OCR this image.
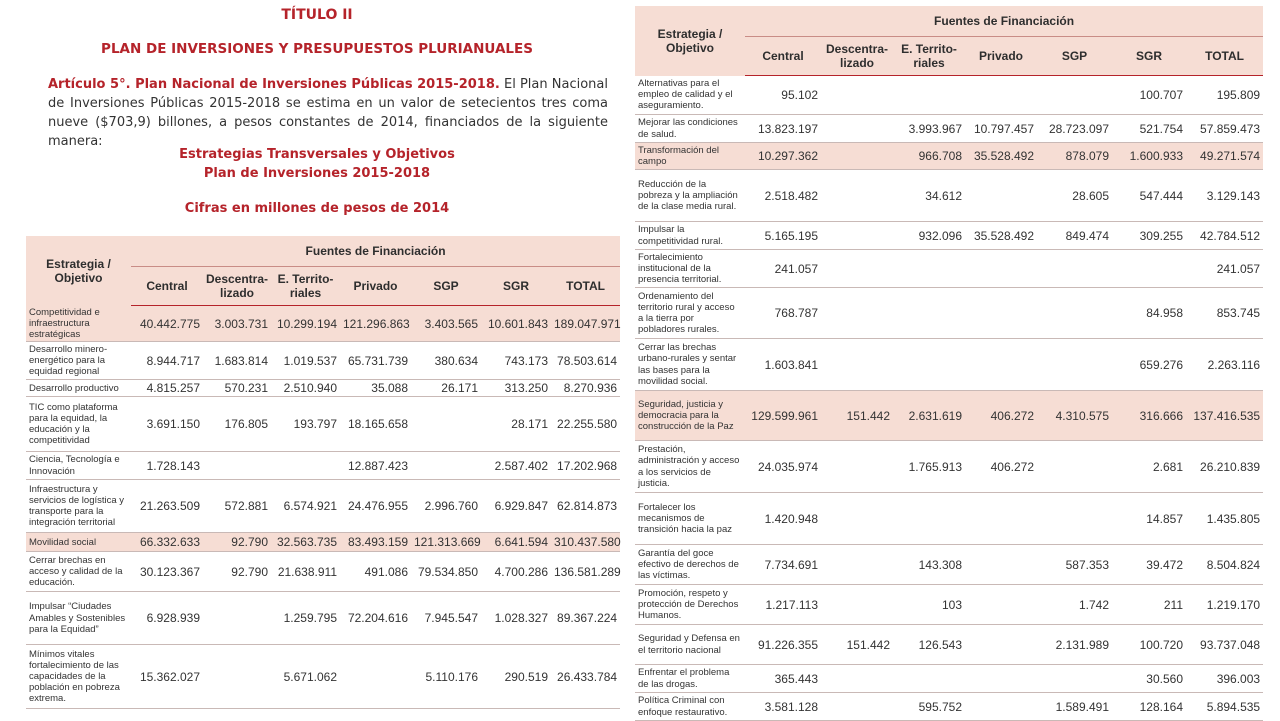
TÍTULO II
PLAN DE INVERSIONES Y PRESUPUESTOS PLURIANUALES
Artículo 5°. Plan Nacional de Inversiones Públicas 2015-2018. El Plan Nacional de Inversiones Públicas 2015-2018 se estima en un valor de setecientos tres coma nueve ($703,9) billones, a pesos constantes de 2014, financiados de la siguiente manera:
Estrategias Transversales y Objetivos
Plan de Inversiones 2015-2018
Cifras en millones de pesos de 2014
Estrategia / Objetivo	Fuentes de Financiación						
	Central	Descentra-lizado	E. Territo-riales	Privado	SGP	SGR	TOTAL
Competitividad e infraestructura estratégicas	40.442.775	3.003.731	10.299.194	121.296.863	3.403.565	10.601.843	189.047.971
Desarrollo minero-energético para la equidad regional	8.944.717	1.683.814	1.019.537	65.731.739	380.634	743.173	78.503.614
Desarrollo productivo	4.815.257	570.231	2.510.940	35.088	26.171	313.250	8.270.936
TIC como plataforma para la equidad, la educación y la competitividad	3.691.150	176.805	193.797	18.165.658		28.171	22.255.580
Ciencia, Tecnología e Innovación	1.728.143			12.887.423		2.587.402	17.202.968
Infraestructura y servicios de logística y transporte para la integración territorial	21.263.509	572.881	6.574.921	24.476.955	2.996.760	6.929.847	62.814.873
Movilidad social	66.332.633	92.790	32.563.735	83.493.159	121.313.669	6.641.594	310.437.580
Cerrar brechas en acceso y calidad de la educación.	30.123.367	92.790	21.638.911	491.086	79.534.850	4.700.286	136.581.289
Impulsar “Ciudades Amables y Sostenibles para la Equidad”	6.928.939		1.259.795	72.204.616	7.945.547	1.028.327	89.367.224
Mínimos vitales fortalecimiento de las capacidades de la población en pobreza extrema.	15.362.027		5.671.062		5.110.176	290.519	26.433.784
Estrategia / Objetivo	Fuentes de Financiación						
	Central	Descentra-lizado	E. Territo-riales	Privado	SGP	SGR	TOTAL
Alternativas para el empleo de calidad y el aseguramiento.	95.102					100.707	195.809
Mejorar las condiciones de salud.	13.823.197		3.993.967	10.797.457	28.723.097	521.754	57.859.473
Transformación del campo	10.297.362		966.708	35.528.492	878.079	1.600.933	49.271.574
Reducción de la pobreza y la ampliación de la clase media rural.	2.518.482		34.612		28.605	547.444	3.129.143
Impulsar la competitividad rural.	5.165.195		932.096	35.528.492	849.474	309.255	42.784.512
Fortalecimiento institucional de la presencia territorial.	241.057						241.057
Ordenamiento del territorio rural y acceso a la tierra por pobladores rurales.	768.787					84.958	853.745
Cerrar las brechas urbano-rurales y sentar las bases para la movilidad social.	1.603.841					659.276	2.263.116
Seguridad, justicia y democracia para la construcción de la Paz	129.599.961	151.442	2.631.619	406.272	4.310.575	316.666	137.416.535
Prestación, administración y acceso a los servicios de justicia.	24.035.974		1.765.913	406.272		2.681	26.210.839
Fortalecer los mecanismos de transición hacia la paz	1.420.948					14.857	1.435.805
Garantía del goce efectivo de derechos de las víctimas.	7.734.691		143.308		587.353	39.472	8.504.824
Promoción, respeto y protección de Derechos Humanos.	1.217.113		103		1.742	211	1.219.170
Seguridad y Defensa en el territorio nacional	91.226.355	151.442	126.543		2.131.989	100.720	93.737.048
Enfrentar el problema de las drogas.	365.443					30.560	396.003
Política Criminal con enfoque restaurativo.	3.581.128		595.752		1.589.491	128.164	5.894.535
